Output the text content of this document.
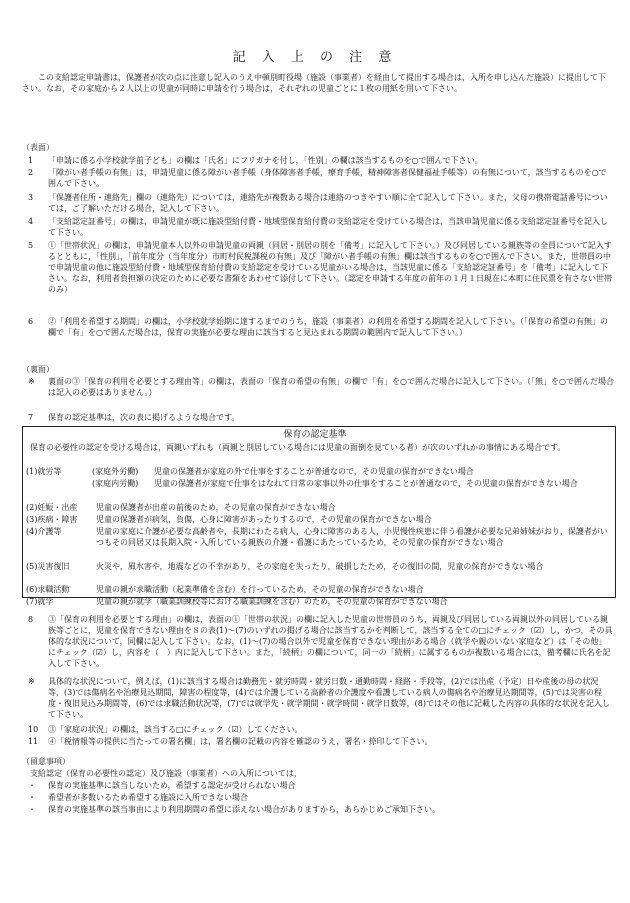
記 入 上 の 注 意
この支給認定申請書は，保護者が次の点に注意し記入のうえ中頓別町役場（施設（事業者）を経由して提出する場合は，入所を申し込んだ施設）に提出して下さい。なお，その家庭から２人以上の児童が同時に申請を行う場合は，それぞれの児童ごとに１枚の用紙を用いて下さい。
（表面）
1	「申請に係る小学校就学前子ども」の欄は「氏名」にフリガナを付し，「性別」の欄は該当するものを○で囲んで下さい。
2	「障がい者手帳の有無」は，申請児童に係る障がい者手帳（身体障害者手帳，療育手帳，精神障害者保健福祉手帳等）の有無について，該当するものを○で囲んで下さい。
3	「保護者住所・連絡先」欄の（連絡先）については，連絡先が複数ある場合は連絡のつきやすい順に全て記入して下さい。また，父母の携帯電話番号については，ご了解いただける場合，記入して下さい。
4	「支給認定証番号」の欄は，申請児童が既に施設型給付費・地域型保育給付費の支給認定を受けている場合は，当該申請児童に係る支給認定証番号を記入して下さい。
5	①「世帯状況」の欄は，申請児童本人以外の申請児童の両親（同居・別居の別を「備考」に記入して下さい。）及び同居している親族等の全員について記入するとともに，「性別」，「前年度分（当年度分）市町村民税課税の有無」及び「障がい者手帳の有無」欄は該当するものを○で囲んで下さい。また，世帯員の中で申請児童の他に施設型給付費・地域型保育給付費の支給認定を受けている児童がいる場合は，当該児童に係る「支給認定証番号」を「備考」に記入して下さい。なお，利用者負担額の決定のために必要な書類をあわせて添付して下さい。（認定を申請する年度の前年の１月１日現在に本町に住民票を有さない世帯のみ）
6	②「利用を希望する期間」の欄は，小学校就学始期に達するまでのうち，施設（事業者）の利用を希望する期間を記入して下さい。（「保育の希望の有無」の欄で「有」を○で囲んだ場合は，保育の実施が必要な理由に該当すると見込まれる期間の範囲内で記入して下さい。）
（裏面）
※	裏面の③「保育の利用を必要とする理由等」の欄は，表面の「保育の希望の有無」の欄で「有」を○で囲んだ場合に記入して下さい。（「無」を○で囲んだ場合は記入の必要はありません。）
7	保育の認定基準は，次の表に掲げるような場合です。
保育の認定基準
保育の必要性の認定を受ける場合は，両親いずれも（両親と別居している場合には児童の面倒を見ている者）が次のいずれかの事情にある場合です。
(1)就労等	(家庭外労働)	児童の保護者が家庭の外で仕事をすることが普通なので，その児童の保育ができない場合
(家庭内労働)	児童の保護者が家庭で仕事をはなれて日常の家事以外の仕事をすることが普通なので，その児童の保育ができない場合
(2)妊娠・出産	児童の保護者が出産の前後のため，その児童の保育ができない場合
(3)疾病・障害	児童の保護者が病気，負傷，心身に障害があったりするので，その児童の保育ができない場合
(4)介護等	児童の家庭に介護が必要な高齢者や，長期にわたる病人，心身に障害のある人，小児慢性疾患に伴う看護が必要な兄弟姉妹がおり，保護者がいつもその同居又は長期入院・入所している親族の介護・看護にあたっているため，その児童の保育ができない場合
(5)災害復旧	火災や，風水害や，地震などの不幸があり，その家庭を失ったり，破損したため，その復旧の間，児童の保育ができない場合
(6)求職活動	児童の親が求職活動（起業準備を含む）を行っているため，その児童の保育ができない場合
(7)就学	児童の親が就学（職業訓練校等における職業訓練を含む）のため，その児童の保育ができない場合
8	③「保育の利用を必要とする理由」の欄は，表面の①「世帯の状況」の欄に記入した児童の世帯員のうち，両親及び同居している両親以外の同居している親族等ごとに，児童を保育できない理由を８の表(1)～(7)のいずれの掲げる場合に該当するかを判断して，該当する全ての□にチェック（☑）し，かつ，その具体的な状況について，同欄に記入して下さい。なお，(1)～(7)の場合以外で児童を保育できない理由がある場合（就学や親のいない家庭など）は「その他」にチェック（☑）し，内容を（　）内に記入して下さい。また，「続柄」の欄について，同一の「続柄」に属するものが複数いる場合には，備考欄に氏名を記入して下さい。
※	具体的な状況について，例えば，(1)に該当する場合は勤務先・就労時間・就労日数・通勤時間・経路・手段等，(2)では出産（予定）日や産後の母の状況等，(3)では傷病名や治療見込期間，障害の程度等，(4)では介護している高齢者の介護度や看護している病人の傷病名や治療見込期間等，(5)では災害の程度・復旧見込み期間等，(6)では求職活動状況等，(7)では就学先・就学期間・就学時間・就学日数等，(8)ではその他に記載した内容の具体的な状況を記入して下さい。
10	③「家庭の状況」の欄は，該当する□にチェック（☑）してください。
11	④「税情報等の提供に当たっての署名欄」は，署名欄の記載の内容を確認のうえ，署名・捺印して下さい。
（留意事項）
支給認定（保育の必要性の認定）及び施設（事業者）への入所については，
・	保育の実施基準に該当しないため，希望する認定が受けられない場合
・	希望者が多数いるため希望する施設に入所できない場合
・	保育の実施基準の該当事由により利用期間の希望に添えない場合がありますから，あらかじめご承知下さい。
